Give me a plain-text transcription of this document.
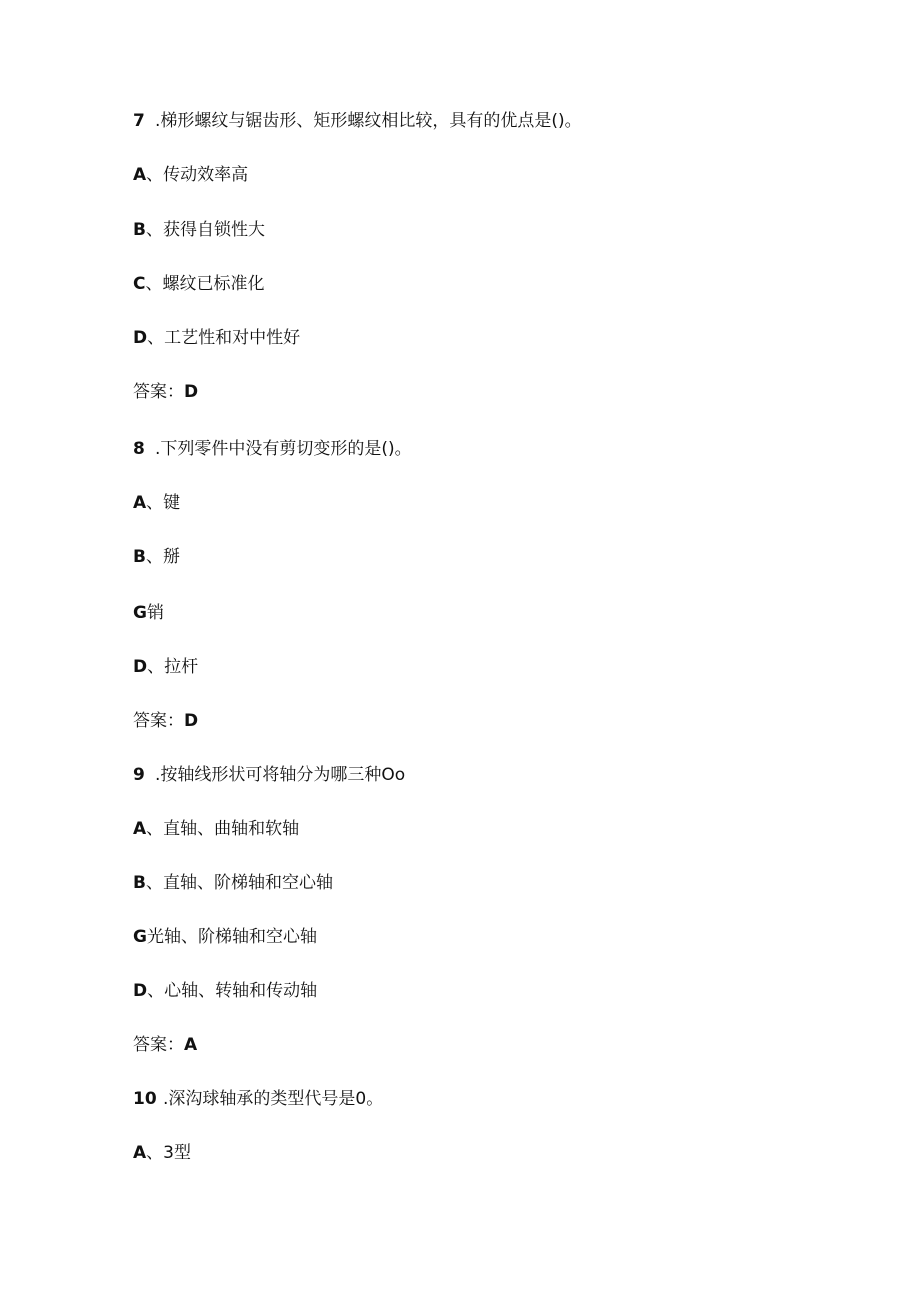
7 .梯形螺纹与锯齿形、矩形螺纹相比较，具有的优点是()。
A、传动效率高
B、获得自锁性大
C、螺纹已标准化
D、工艺性和对中性好
答案：D
8 .下列零件中没有剪切变形的是()。
A、键
B、掰
G销
D、拉杆
答案：D
9 .按轴线形状可将轴分为哪三种Oo
A、直轴、曲轴和软轴
B、直轴、阶梯轴和空心轴
G光轴、阶梯轴和空心轴
D、心轴、转轴和传动轴
答案：A
10 .深沟球轴承的类型代号是0。
A、3型
